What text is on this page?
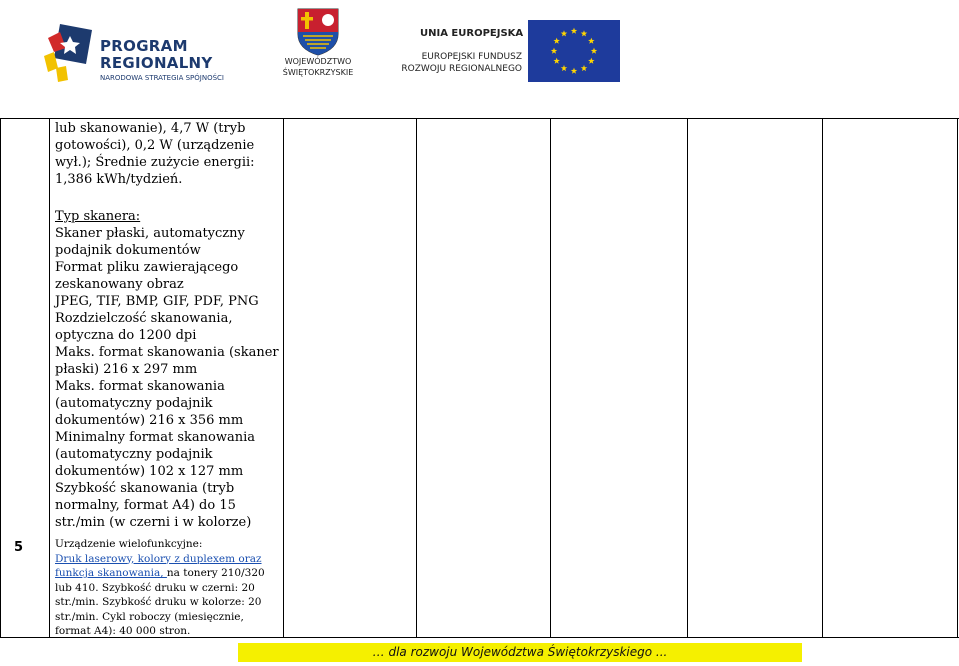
PROGRAM
REGIONALNY
NARODOWA STRATEGIA SPÓJNOŚCI
WOJEWÓDZTWO
ŚWIĘTOKRZYSKIE
UNIA EUROPEJSKA
EUROPEJSKI FUNDUSZ
ROZWOJU REGIONALNEGO
5

lub skanowanie), 4,7 W (tryb

gotowości), 0,2 W (urządzenie

wył.); Średnie zużycie energii:

1,386 kWh/tydzień.

Typ skanera:

Skaner płaski, automatyczny

podajnik dokumentów

Format pliku zawierającego

zeskanowany obraz

JPEG, TIF, BMP, GIF, PDF, PNG

Rozdzielczość skanowania,

optyczna do 1200 dpi

Maks. format skanowania (skaner

płaski) 216 x 297 mm

Maks. format skanowania

(automatyczny podajnik

dokumentów) 216 x 356 mm

Minimalny format skanowania

(automatyczny podajnik

dokumentów) 102 x 127 mm

Szybkość skanowania (tryb

normalny, format A4) do 15

str./min (w czerni i w kolorze)

Urządzenie wielofunkcyjne:

Druk laserowy, kolory z duplexem oraz

funkcja skanowania, na tonery 210/320

lub 410. Szybkość druku w czerni: 20

str./min. Szybkość druku w kolorze: 20

str./min. Cykl roboczy (miesięcznie,

format A4): 40 000 stron.

… dla rozwoju Województwa Świętokrzyskiego ...
